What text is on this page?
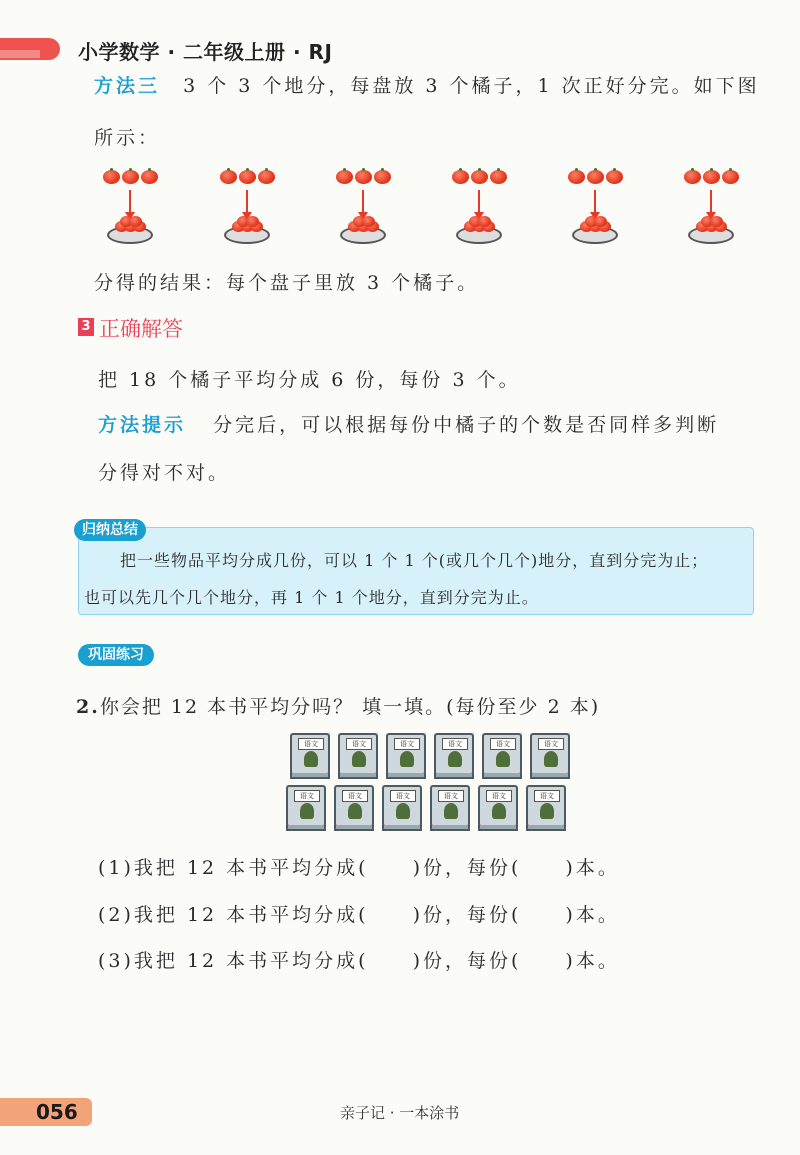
小学数学 · 二年级上册 · RJ
方法三 3 个 3 个地分，每盘放 3 个橘子，1 次正好分完。如下图
所示：
分得的结果：每个盘子里放 3 个橘子。
3 正确解答
把 18 个橘子平均分成 6 份，每份 3 个。
方法提示 分完后，可以根据每份中橘子的个数是否同样多判断
分得对不对。
归纳总结
把一些物品平均分成几份，可以 1 个 1 个(或几个几个)地分，直到分完为止；
也可以先几个几个地分，再 1 个 1 个地分，直到分完为止。
巩固练习
2.你会把 12 本书平均分吗？ 填一填。(每份至少 2 本)
语文	语文	语文	语文	语文	语文
语文	语文	语文	语文	语文	语文
(1)我把 12 本书平均分成(　　)份，每份(　　)本。
(2)我把 12 本书平均分成(　　)份，每份(　　)本。
(3)我把 12 本书平均分成(　　)份，每份(　　)本。
056	亲子记 · 一本涂书
